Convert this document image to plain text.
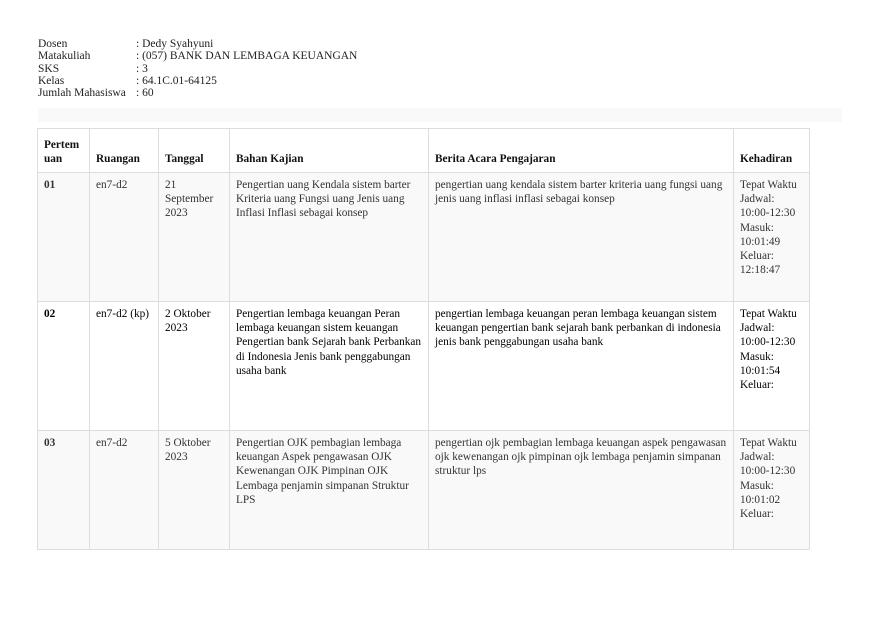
Dosen	: Dedy Syahyuni
Matakuliah	: (057) BANK DAN LEMBAGA KEUANGAN
SKS	: 3
Kelas	: 64.1C.01-64125
Jumlah Mahasiswa : 60
Pertem uan	Ruangan	Tanggal	Bahan Kajian	Berita Acara Pengajaran	Kehadiran
01	en7-d2	21 September 2023	Pengertian uang Kendala sistem barter Kriteria uang Fungsi uang Jenis uang Inflasi Inflasi sebagai konsep	pengertian uang kendala sistem barter kriteria uang fungsi uang jenis uang inflasi inflasi sebagai konsep	Tepat Waktu
Jadwal: 10:00-12:30
Masuk: 10:01:49
Keluar: 12:18:47

02	en7-d2 (kp)	2 Oktober 2023	Pengertian lembaga keuangan Peran lembaga keuangan sistem keuangan Pengertian bank Sejarah bank Perbankan di Indonesia Jenis bank penggabungan usaha bank	pengertian lembaga keuangan peran lembaga keuangan sistem keuangan pengertian bank sejarah bank perbankan di indonesia jenis bank penggabungan usaha bank	Tepat Waktu
Jadwal: 10:00-12:30
Masuk: 10:01:54
Keluar:

03	en7-d2	5 Oktober 2023	Pengertian OJK pembagian lembaga keuangan Aspek pengawasan OJK Kewenangan OJK Pimpinan OJK Lembaga penjamin simpanan Struktur LPS	pengertian ojk pembagian lembaga keuangan aspek pengawasan ojk kewenangan ojk pimpinan ojk lembaga penjamin simpanan struktur lps	Tepat Waktu
Jadwal: 10:00-12:30
Masuk: 10:01:02
Keluar:
